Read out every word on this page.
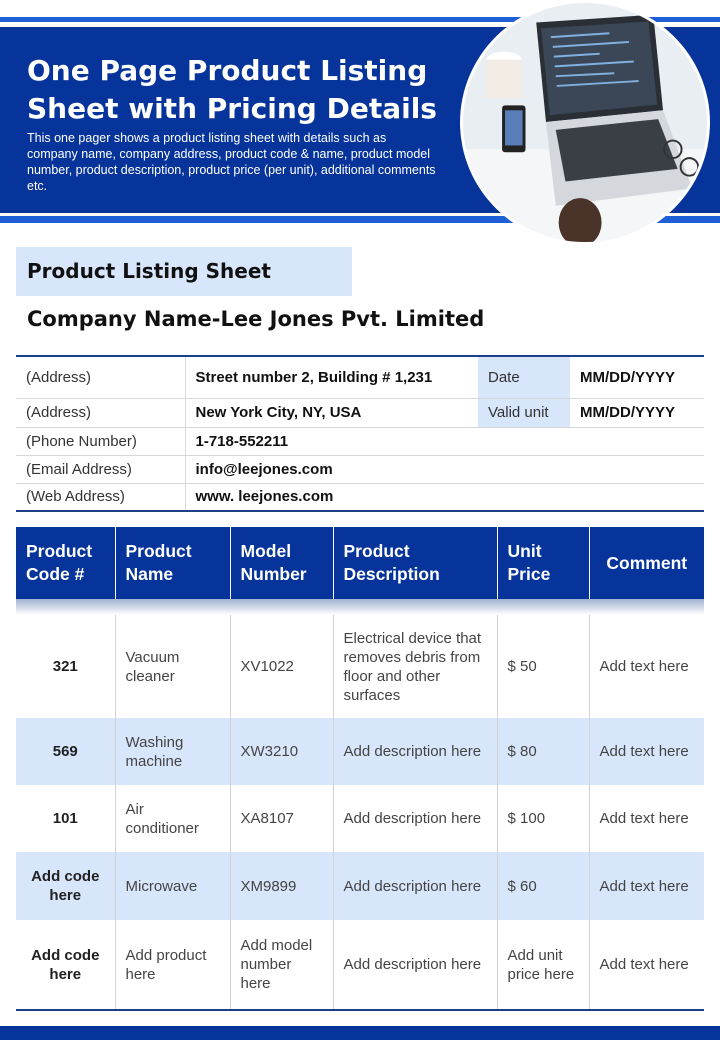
One Page Product Listing
Sheet with Pricing Details
This one pager shows a product listing sheet with details such as company name, company address, product code & name, product model number, product description, product price (per unit), additional comments etc.
Product Listing Sheet
Company Name-Lee Jones Pvt. Limited
(Address)	Street number 2, Building # 1,231	Date	MM/DD/YYYY
(Address)	New York City, NY, USA	Valid unit	MM/DD/YYYY
(Phone Number)	1-718-552211		
(Email Address)	info@leejones.com		
(Web Address)	www. leejones.com		
Product Code #	Product Name	Model Number	Product Description	Unit Price	Comment

321	Vacuum cleaner	XV1022	Electrical device that removes debris from floor and other surfaces	$ 50	Add text here
569	Washing machine	XW3210	Add description here	$ 80	Add text here
101	Air conditioner	XA8107	Add description here	$ 100	Add text here
Add code here	Microwave	XM9899	Add description here	$ 60	Add text here
Add code here	Add product here	Add model number here	Add description here	Add unit price here	Add text here
